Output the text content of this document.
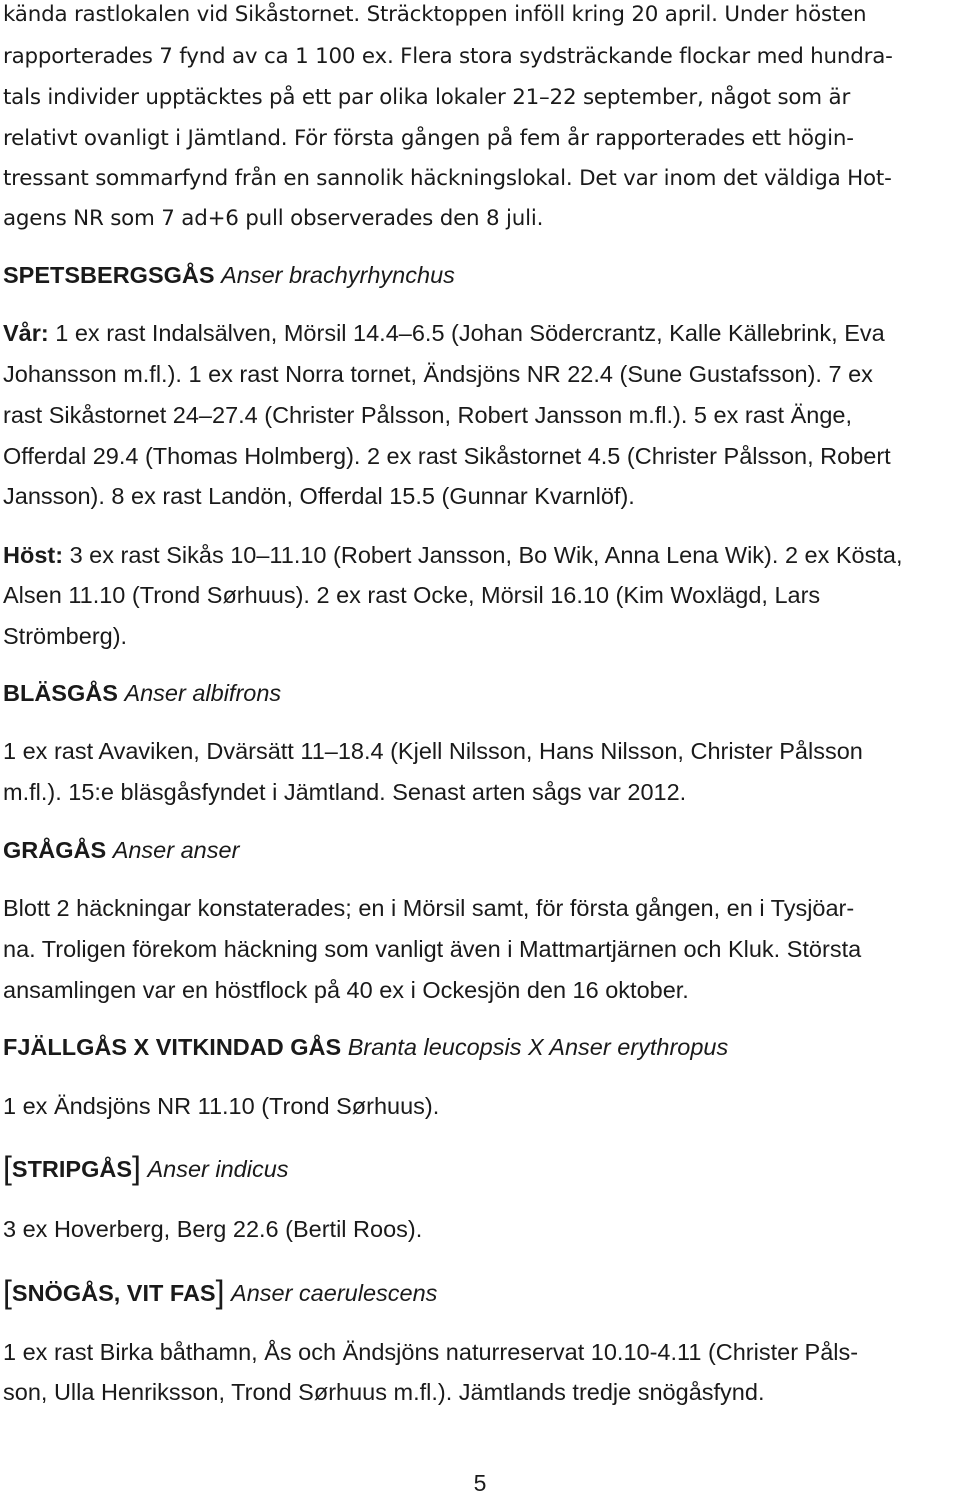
kända rastlokalen vid Sikåstornet. Sträcktoppen inföll kring 20 april. Under hösten
rapporterades 7 fynd av ca 1 100 ex. Flera stora sydsträckande flockar med hundra-
tals individer upptäcktes på ett par olika lokaler 21–22 september, något som är
relativt ovanligt i Jämtland. För första gången på fem år rapporterades ett högin-
tressant sommarfynd från en sannolik häckningslokal. Det var inom det väldiga Hot-
agens NR som 7 ad+6 pull observerades den 8 juli.
SPETSBERGSGÅS Anser brachyrhynchus
Vår: 1 ex rast Indalsälven, Mörsil 14.4–6.5 (Johan Södercrantz, Kalle Källebrink, Eva
Johansson m.fl.). 1 ex rast Norra tornet, Ändsjöns NR 22.4 (Sune Gustafsson). 7 ex
rast Sikåstornet 24–27.4 (Christer Pålsson, Robert Jansson m.fl.). 5 ex rast Änge,
Offerdal 29.4 (Thomas Holmberg). 2 ex rast Sikåstornet 4.5 (Christer Pålsson, Robert
Jansson). 8 ex rast Landön, Offerdal 15.5 (Gunnar Kvarnlöf).
Höst: 3 ex rast Sikås 10–11.10 (Robert Jansson, Bo Wik, Anna Lena Wik). 2 ex Kösta,
Alsen 11.10 (Trond Sørhuus). 2 ex rast Ocke, Mörsil 16.10 (Kim Woxlägd, Lars
Strömberg).
BLÄSGÅS Anser albifrons
1 ex rast Avaviken, Dvärsätt 11–18.4 (Kjell Nilsson, Hans Nilsson, Christer Pålsson
m.fl.). 15:e bläsgåsfyndet i Jämtland. Senast arten sågs var 2012.
GRÅGÅS Anser anser
Blott 2 häckningar konstaterades; en i Mörsil samt, för första gången, en i Tysjöar-
na. Troligen förekom häckning som vanligt även i Mattmartjärnen och Kluk. Största
ansamlingen var en höstflock på 40 ex i Ockesjön den 16 oktober.
FJÄLLGÅS X VITKINDAD GÅS Branta leucopsis X Anser erythropus
1 ex Ändsjöns NR 11.10 (Trond Sørhuus).
[STRIPGÅS] Anser indicus
3 ex Hoverberg, Berg 22.6 (Bertil Roos).
[SNÖGÅS, VIT FAS] Anser caerulescens
1 ex rast Birka båthamn, Ås och Ändsjöns naturreservat 10.10-4.11 (Christer Påls-
son, Ulla Henriksson, Trond Sørhuus m.fl.). Jämtlands tredje snögåsfynd.
5
